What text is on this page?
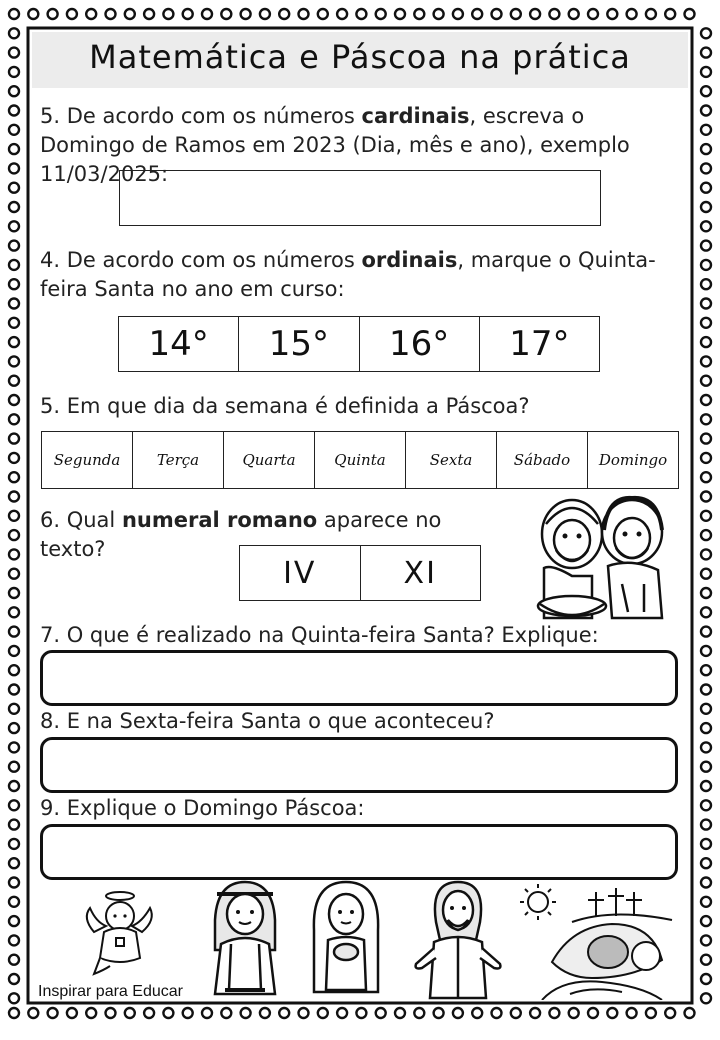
Matemática e Páscoa na prática
5. De acordo com os números cardinais, escreva o Domingo de Ramos em 2023 (Dia, mês e ano), exemplo 11/03/2025:
4. De acordo com os números ordinais, marque o Quinta-feira Santa no ano em curso:
14°	15°	16°	17°
5. Em que dia da semana é definida a Páscoa?
Segunda	Terça	Quarta	Quinta	Sexta	Sábado	Domingo
6. Qual numeral romano aparece no texto?
IV	XI
7. O que é realizado na Quinta-feira Santa? Explique:
8. E na Sexta-feira Santa o que aconteceu?
9. Explique o Domingo Páscoa:
Inspirar para Educar
